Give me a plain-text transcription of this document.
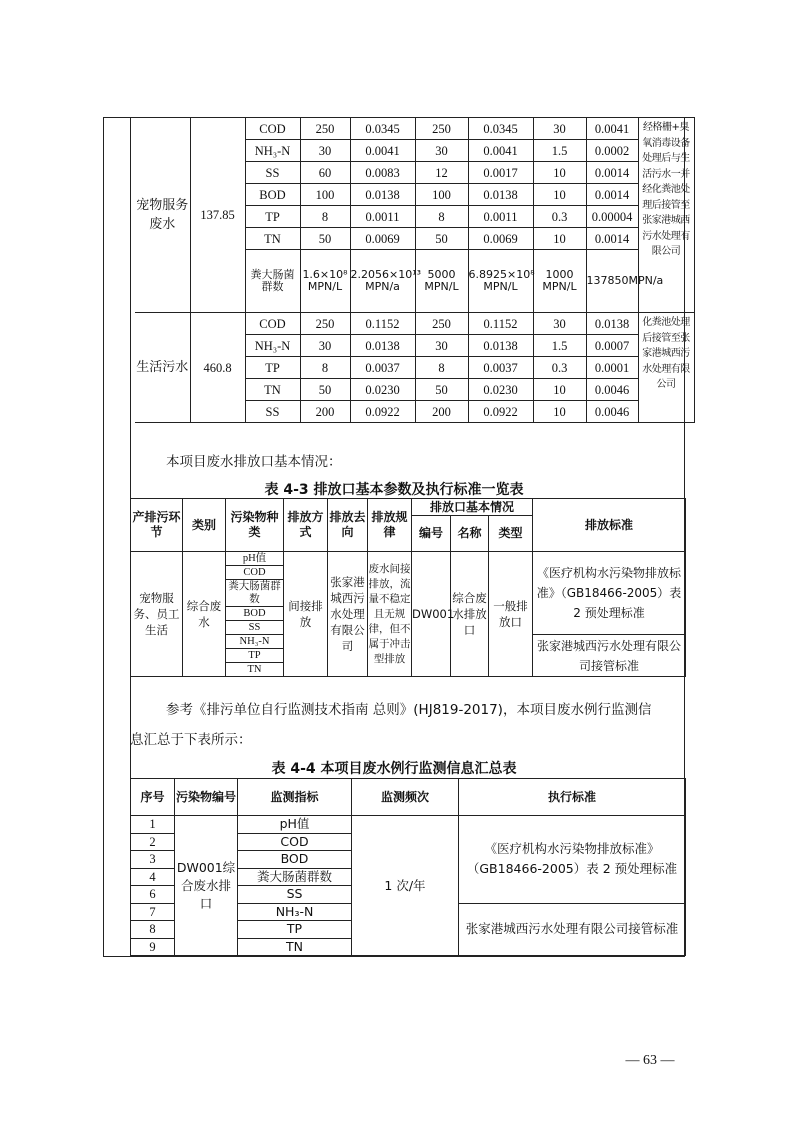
宠物服务废水	137.85	COD	250	0.0345	250	0.0345	30	0.0041	经格栅+臭氧消毒设备处理后与生活污水一并经化粪池处理后接管至张家港城西污水处理有限公司
		NH₃-N	30	0.0041	30	0.0041	1.5	0.0002	
		SS	60	0.0083	12	0.0017	10	0.0014	
		BOD	100	0.0138	100	0.0138	10	0.0014	
		TP	8	0.0011	8	0.0011	0.3	0.00004	
		TN	50	0.0069	50	0.0069	10	0.0014	
		粪大肠菌群数	1.6×10⁸ MPN/L	2.2056×10¹³ MPN/a	5000 MPN/L	6.8925×10⁸ MPN/L	1000 MPN/L	137850MPN/a	
生活污水	460.8	COD	250	0.1152	250	0.1152	30	0.0138	化粪池处理后接管至张家港城西污水处理有限公司
		NH₃-N	30	0.0138	30	0.0138	1.5	0.0007	
		TP	8	0.0037	8	0.0037	0.3	0.0001	
		TN	50	0.0230	50	0.0230	10	0.0046	
		SS	200	0.0922	200	0.0922	10	0.0046	
本项目废水排放口基本情况：
表 4-3 排放口基本参数及执行标准一览表
产排污环节	类别	污染物种类	排放方式	排放去向	排放规律	排放口基本情况			排放标准
						编号	名称	类型	
宠物服务、员工生活	综合废水	pH值	间接排放	张家港城西污水处理有限公司	废水间接排放，流量不稳定且无规律，但不属于冲击型排放	DW001	综合废水排放口	一般排放口	《医疗机构水污染物排放标准》（GB18466-2005）表 2 预处理标准
		COD							
		粪大肠菌群数							
		BOD							
		SS							
		NH₃-N							张家港城西污水处理有限公司接管标准
		TP							
		TN							
参考《排污单位自行监测技术指南 总则》(HJ819-2017)，本项目废水例行监测信
息汇总于下表所示：
表 4-4 本项目废水例行监测信息汇总表
序号	污染物编号	监测指标	监测频次	执行标准
1	DW001综合废水排口	pH值	1 次/年	《医疗机构水污染物排放标准》（GB18466-2005）表 2 预处理标准
2		COD		
3		BOD		
4		粪大肠菌群数		
6		SS		
7		NH₃-N		张家港城西污水处理有限公司接管标准
8		TP		
9		TN		
— 63 —
